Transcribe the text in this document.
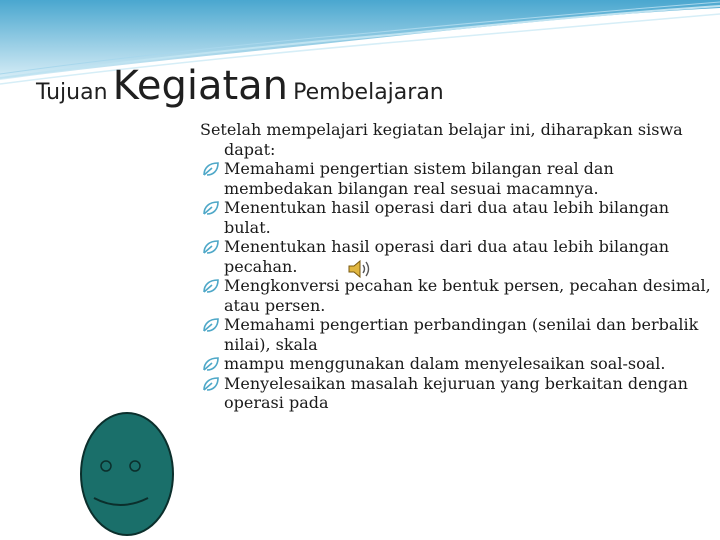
Tujuan Kegiatan Pembelajaran

Setelah mempelajari kegiatan belajar ini, diharapkan siswa dapat:

Memahami pengertian sistem bilangan real dan membedakan bilangan real sesuai macamnya.
Menentukan hasil operasi dari dua atau lebih bilangan bulat.
Menentukan hasil operasi dari dua atau lebih bilangan pecahan.
Mengkonversi pecahan ke bentuk persen, pecahan desimal, atau persen.
Memahami pengertian perbandingan (senilai dan berbalik nilai), skala
mampu menggunakan dalam menyelesaikan soal-soal.
Menyelesaikan masalah kejuruan yang berkaitan dengan operasi pada
